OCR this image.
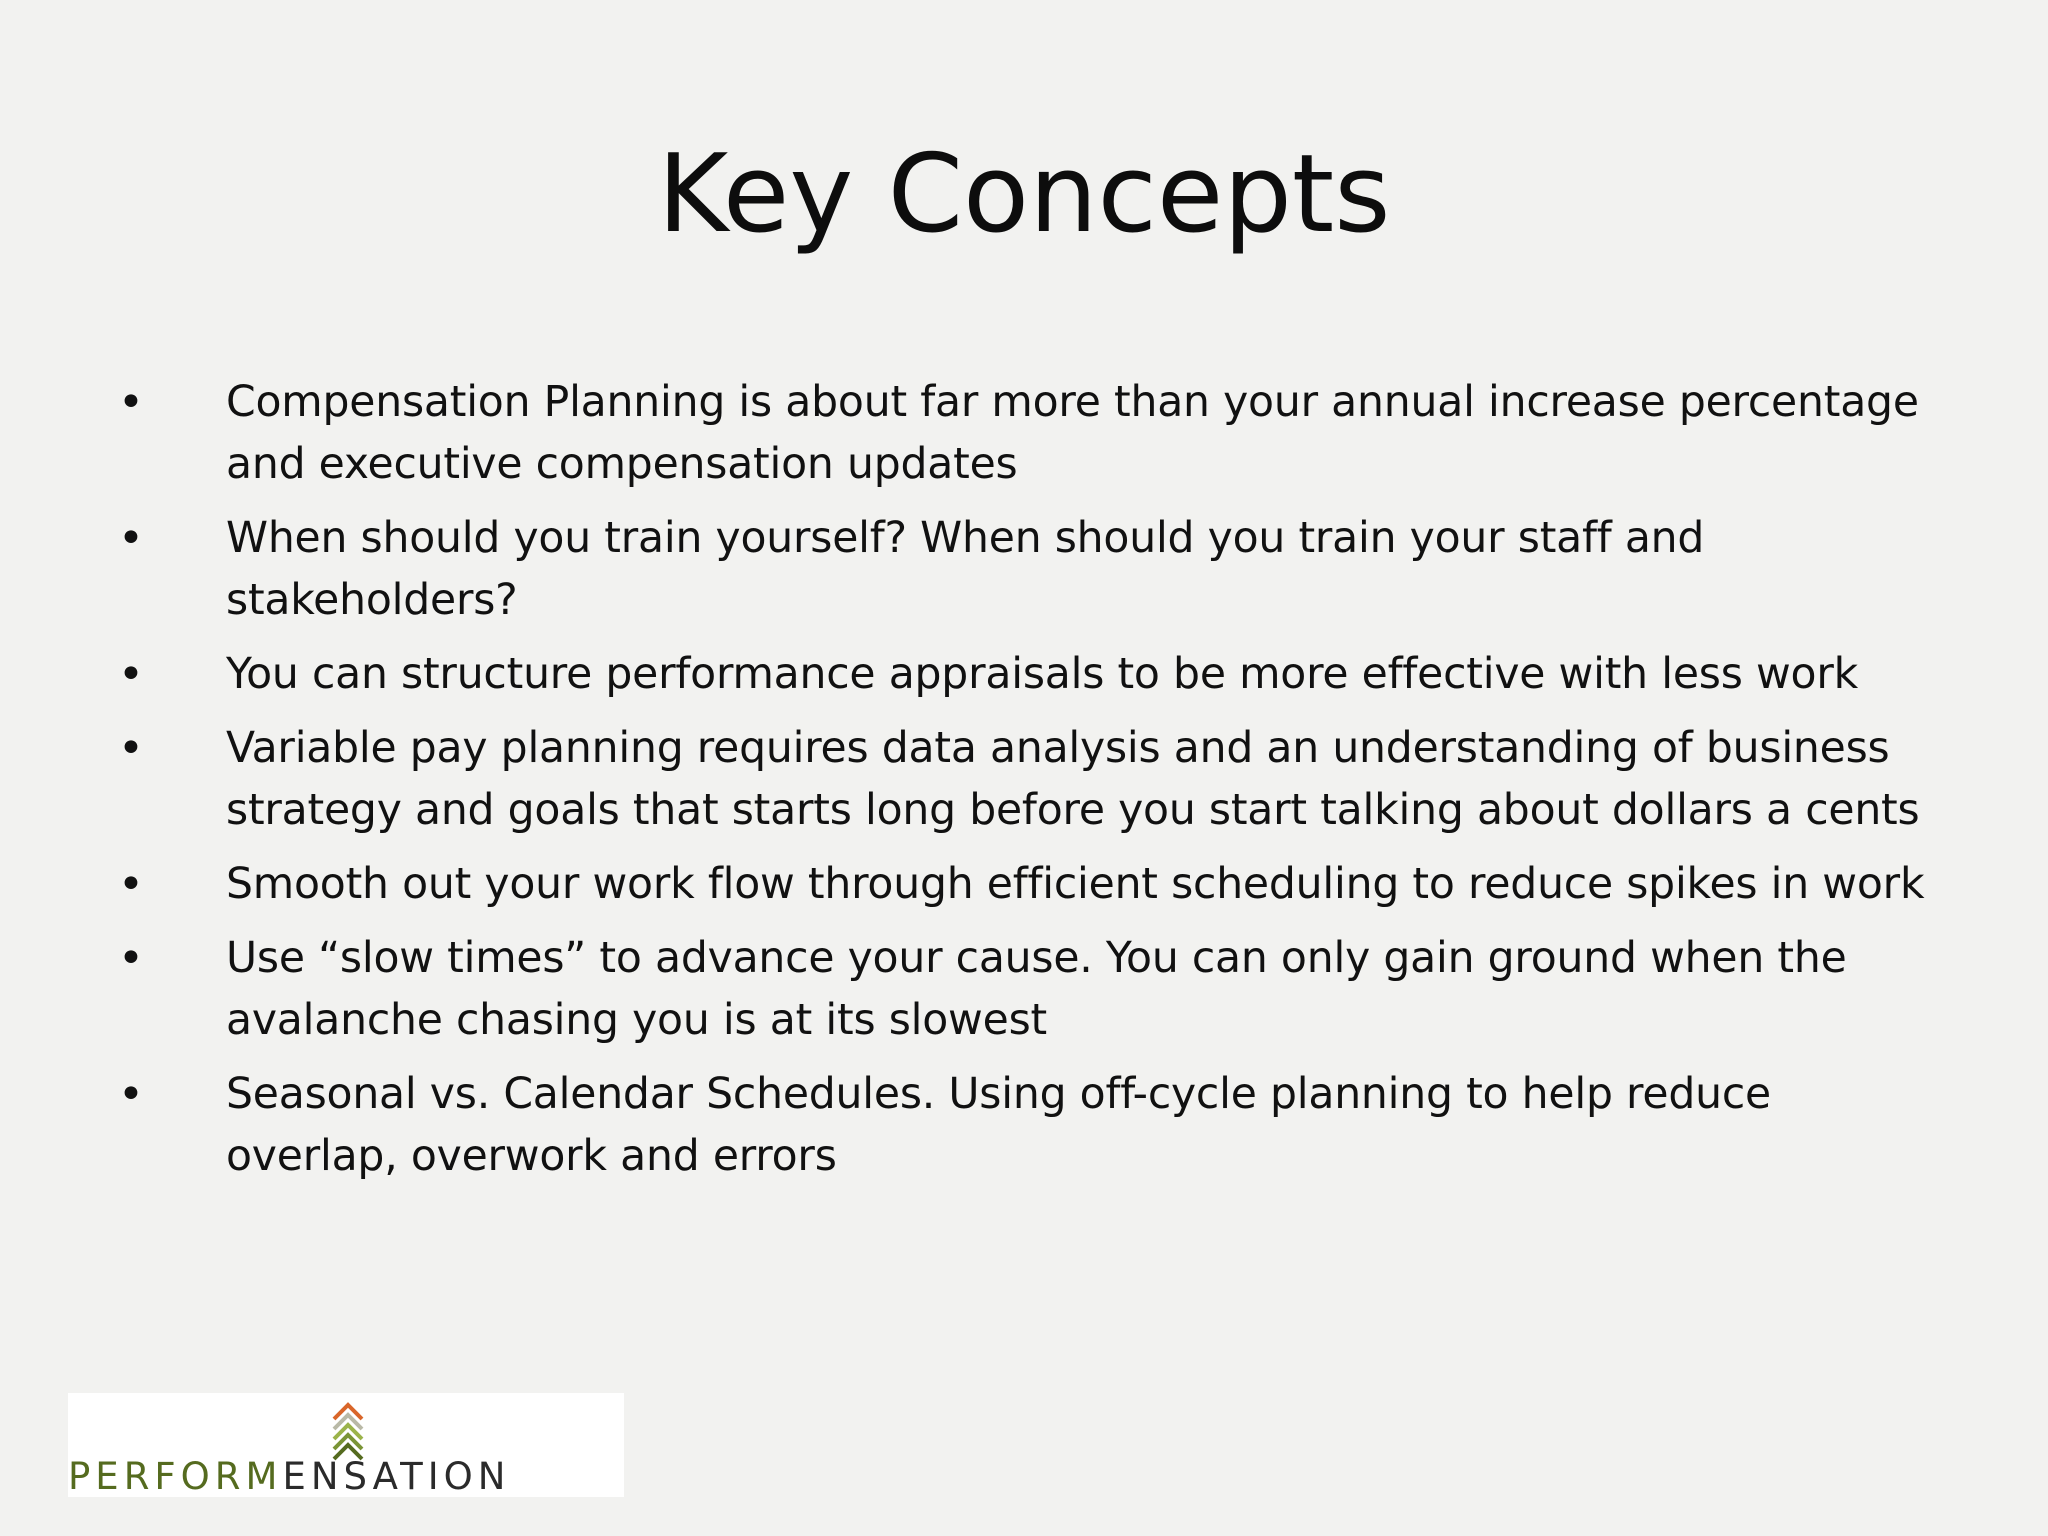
Key Concepts
•	Compensation Planning is about far more than your annual increase percentage and executive compensation updates
•	When should you train yourself? When should you train your staff and stakeholders?
•	You can structure performance appraisals to be more effective with less work
•	Variable pay planning requires data analysis and an understanding of business strategy and goals that starts long before you start talking about dollars a cents
•	Smooth out your work flow through efficient scheduling to reduce spikes in work
•	Use “slow times” to advance your cause. You can only gain ground when the avalanche chasing you is at its slowest
•	Seasonal vs. Calendar Schedules. Using off-cycle planning to help reduce overlap, overwork and errors
PERFORMENSATION
